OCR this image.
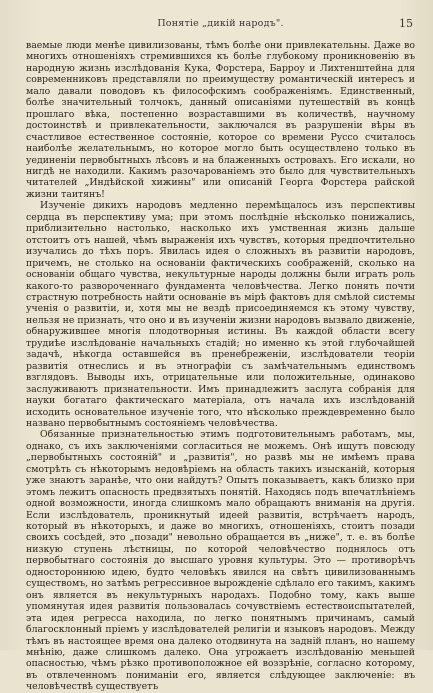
Понятіе „дикій народъ".	15

ваемые люди менѣе цивилизованы, тѣмъ болѣе они привлекательны. Даже во многихъ отношеніяхъ стремившихся къ болѣе глубокому проникновенію въ народную жизнь изслѣдованія Кука, Форстера, Барроу и Лихтенштейна для современниковъ представляли по преимуществу романтическій интересъ и мало давали поводовъ къ философскимъ соображеніямъ. Единственный, болѣе значительный толчокъ, данный описаніями путешествій въ концѣ прошлаго вѣка, постепенно возраставшими въ количествѣ, научному достоинствѣ и привлекательности, заключался въ разрушеніи вѣры въ счастливое естественное состояніе, которое со времени Руссо считалось наиболѣе желательнымъ, но которое могло быть осуществлено только въ уединеніи первобытныхъ лѣсовъ и на блаженныхъ островахъ. Его искали, но нигдѣ не находили. Какимъ разочарованіемъ это было для чувствительныхъ читателей „Индѣйской хижины" или описаній Георга Форстера райской жизни таитянъ!

Изученіе дикихъ народовъ медленно перемѣщалось изъ перспективы сердца въ перспективу ума; при этомъ послѣдніе нѣсколько понижались, приблизительно настолько, насколько ихъ умственная жизнь дальше отстоитъ отъ нашей, чѣмъ выраженія ихъ чувствъ, которыя предпочтительно изучались до тѣхъ поръ. Явилась идея о сложныхъ въ развитіи народовъ, причемъ, не столько на основаніи фактическихъ соображеній, сколько на основаніи общаго чувства, некультурные народы должны были играть роль какого-то развороченнаго фундамента человѣчества. Легко понять почти страстную потребность найти основаніе въ мірѣ фактовъ для смѣлой системы ученія о развитіи, и, хотя мы не вездѣ присоединяемся къ этому чувству, нельзя не признать, что оно и въ изученіи жизни народовъ вызвало движеніе, обнаружившее многія плодотворныя истины. Въ каждой области всегу трудиѣе изслѣдованіе начальныхъ стадій; но именно къ этой глубочайшей задачѣ, нѣкогда оставшейся въ пренебреженіи, изслѣдователи теоріи развитія отнеслись и въ этнографіи съ замѣчательнымъ единствомъ взглядовъ. Выводы ихъ, отрицательные или положительные, одинаково заслуживаютъ признательности. Имъ принадлежитъ заслуга собранія для науки богатаго фактическаго матеріала, отъ начала ихъ изслѣдованій исходить основательное изученіе того, что нѣсколько преждевременно было названо первобытнымъ состояніемъ человѣчества.

Обязанные признательностью этимъ подготовительнымъ работамъ, мы, однако, съ ихъ заключеніями согласиться не можемъ. Онѣ ищутъ повсюду „первобытныхъ состояній" и „развитія", но развѣ мы не имѣемъ права смотрѣть съ нѣкоторымъ недовѣріемъ на область такихъ изысканій, которыя уже знаютъ заранѣе, что они найдутъ? Опытъ показываетъ, какъ близко при этомъ лежитъ опасность предвзятыхъ понятій. Находясь подъ впечатлѣніемъ одной возможности, иногда слишкомъ мало обращаютъ вниманія на другія. Если изслѣдователь, проникнутый идеей развитія, встрѣчаетъ народъ, который въ нѣкоторыхъ, и даже во многихъ, отношеніяхъ, стоитъ позади своихъ сосѣдей, это „позади" невольно обращается въ „ниже", т. е. въ болѣе низкую ступень лѣстницы, по которой человѣчество поднялось отъ первобытнаго состоянія до высшаго уровня культуры. Это — противорѣчъ одностороннюю идею, будто человѣкъ явился на свѣтъ цивилизованнымъ существомъ, но затѣмъ регрессивное вырожденіе сдѣлало его такимъ, какимъ онъ является въ некультурныхъ народахъ. Подобно тому, какъ выше упомянутая идея развитія пользовалась сочувствіемъ естествоиспытателей, эта идея регресса находила, по легко понятнымъ причинамъ, самый благосклонный пріемъ у изслѣдователей религіи и языковъ народовъ. Между тѣмъ въ настоящее время она далеко отодвинута на задній планъ, но нашему мнѣнію, даже слишкомъ далеко. Она угрожаетъ изслѣдованію меньшей опасностью, чѣмъ рѣзко противоположное ей воззрѣніе, согласно которому, въ отвлеченномъ пониманіи его, является слѣдующее заключеніе: въ человѣчествѣ существуетъ
